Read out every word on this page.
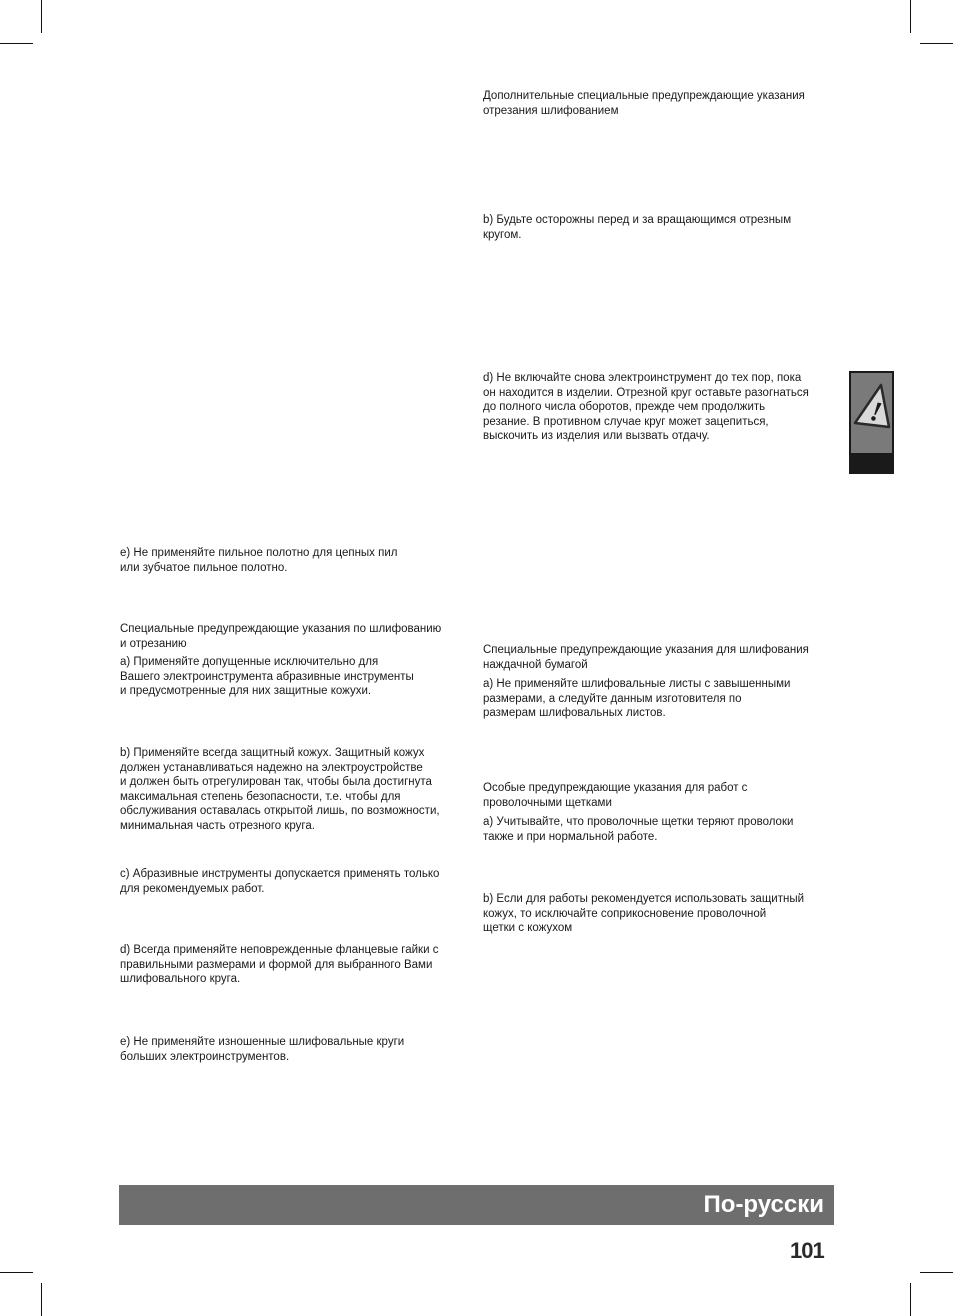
Дополнительные специальные предупреждающие указания
отрезания шлифованием
b) Будьте осторожны перед и за вращающимся отрезным
кругом.
d) Не включайте снова электроинструмент до тех пор, пока
он находится в изделии. Отрезной круг оставьте разогнаться
до полного числа оборотов, прежде чем продолжить
резание. В противном случае круг может зацепиться,
выскочить из изделия или вызвать отдачу.
Специальные предупреждающие указания для шлифования
наждачной бумагой
a) Не применяйте шлифовальные листы с завышенными
размерами, а следуйте данным изготовителя по
размерам шлифовальных листов.
Особые предупреждающие указания для работ с
проволочными щетками
a) Учитывайте, что проволочные щетки теряют проволоки
также и при нормальной работе.
b) Если для работы рекомендуется использовать защитный
кожух, то исключайте соприкосновение проволочной
щетки с кожухом
e) Не применяйте пильное полотно для цепных пил
или зубчатое пильное полотно.
Специальные предупреждающие указания по шлифованию
и отрезанию
a) Применяйте допущенные исключительно для
Вашего электроинструмента абразивные инструменты
и предусмотренные для них защитные кожухи.
b) Применяйте всегда защитный кожух. Защитный кожух
должен устанавливаться надежно на электроустройстве
и должен быть отрегулирован так, чтобы была достигнута
максимальная степень безопасности, т.е. чтобы для
обслуживания оставалась открытой лишь, по возможности,
минимальная часть отрезного круга.
c) Абразивные инструменты допускается применять только
для рекомендуемых работ.
d) Всегда применяйте неповрежденные фланцевые гайки с
правильными размерами и формой для выбранного Вами
шлифовального круга.
e) Не применяйте изношенные шлифовальные круги
больших электроинструментов.
!
По-русски
101
